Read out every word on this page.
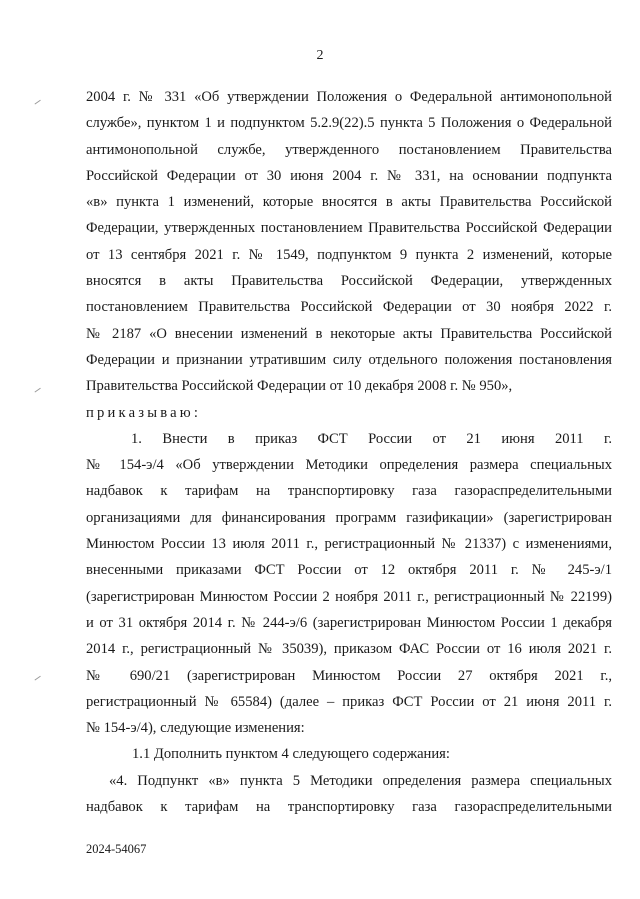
2
2004 г. № 331 «Об утверждении Положения о Федеральной антимонопольной
службе», пунктом 1 и подпунктом 5.2.9(22).5 пункта 5 Положения о Федеральной
антимонопольной службе, утвержденного постановлением Правительства
Российской Федерации от 30 июня 2004 г. № 331, на основании подпункта
«в» пункта 1 изменений, которые вносятся в акты Правительства Российской
Федерации, утвержденных постановлением Правительства Российской Федерации
от 13 сентября 2021 г. № 1549, подпунктом 9 пункта 2 изменений, которые
вносятся в акты Правительства Российской Федерации, утвержденных
постановлением Правительства Российской Федерации от 30 ноября 2022 г.
№ 2187 «О внесении изменений в некоторые акты Правительства Российской
Федерации и признании утратившим силу отдельного положения постановления
Правительства Российской Федерации от 10 декабря 2008 г. № 950»,
приказываю:
1. Внести в приказ ФСТ России от 21 июня 2011 г.
№ 154-э/4 «Об утверждении Методики определения размера специальных
надбавок к тарифам на транспортировку газа газораспределительными
организациями для финансирования программ газификации» (зарегистрирован
Минюстом России 13 июля 2011 г., регистрационный № 21337) с изменениями,
внесенными приказами ФСТ России от 12 октября 2011 г. № 245-э/1
(зарегистрирован Минюстом России 2 ноября 2011 г., регистрационный № 22199)
и от 31 октября 2014 г. № 244-э/6 (зарегистрирован Минюстом России 1 декабря
2014 г., регистрационный № 35039), приказом ФАС России от 16 июля 2021 г.
№ 690/21 (зарегистрирован Минюстом России 27 октября 2021 г.,
регистрационный № 65584) (далее – приказ ФСТ России от 21 июня 2011 г.
№ 154-э/4), следующие изменения:
1.1 Дополнить пунктом 4 следующего содержания:
«4. Подпункт «в» пункта 5 Методики определения размера специальных
надбавок к тарифам на транспортировку газа газораспределительными
2024-54067
